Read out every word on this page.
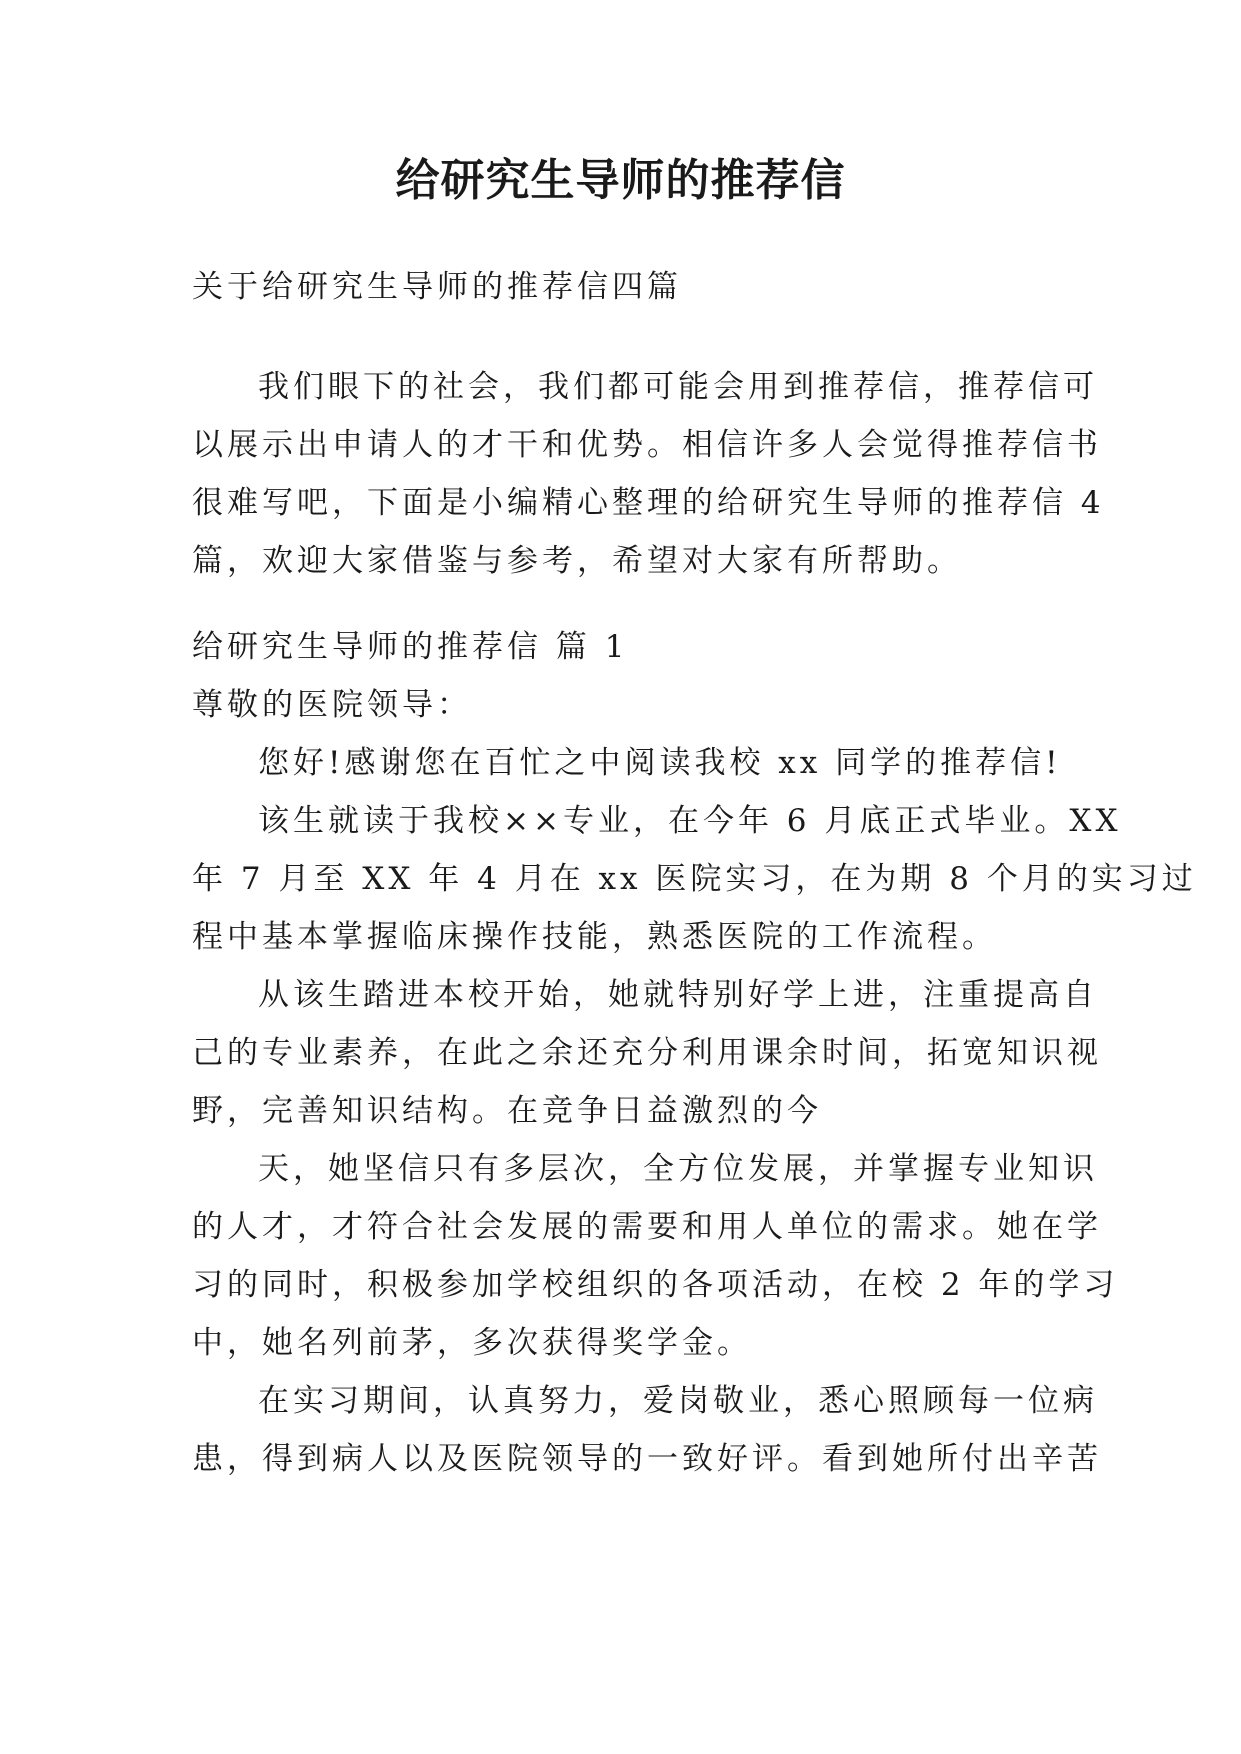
给研究生导师的推荐信
关于给研究生导师的推荐信四篇
我们眼下的社会，我们都可能会用到推荐信，推荐信可
以展示出申请人的才干和优势。相信许多人会觉得推荐信书
很难写吧，下面是小编精心整理的给研究生导师的推荐信 4
篇，欢迎大家借鉴与参考，希望对大家有所帮助。
给研究生导师的推荐信 篇 1
尊敬的医院领导：
您好!感谢您在百忙之中阅读我校 xx 同学的推荐信!
该生就读于我校××专业，在今年 6 月底正式毕业。XX
年 7 月至 XX 年 4 月在 xx 医院实习，在为期 8 个月的实习过
程中基本掌握临床操作技能，熟悉医院的工作流程。
从该生踏进本校开始，她就特别好学上进，注重提高自
己的专业素养，在此之余还充分利用课余时间，拓宽知识视
野，完善知识结构。在竞争日益激烈的今
天，她坚信只有多层次，全方位发展，并掌握专业知识
的人才，才符合社会发展的需要和用人单位的需求。她在学
习的同时，积极参加学校组织的各项活动，在校 2 年的学习
中，她名列前茅，多次获得奖学金。
在实习期间，认真努力，爱岗敬业，悉心照顾每一位病
患，得到病人以及医院领导的一致好评。看到她所付出辛苦
